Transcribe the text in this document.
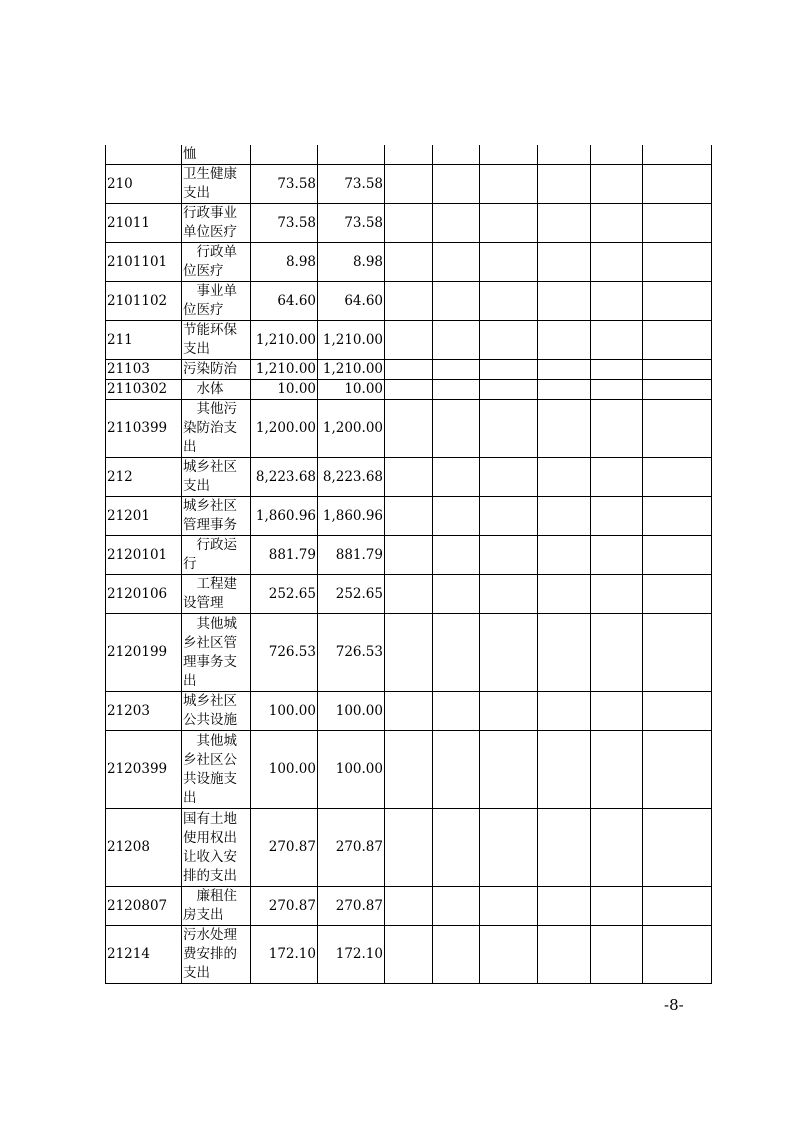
	恤								

210	卫生健康支出	73.58	73.58						
21011	行政事业单位医疗	73.58	73.58						
2101101	　行政单位医疗	8.98	8.98						
2101102	　事业单位医疗	64.60	64.60						
211	节能环保支出	1,210.00	1,210.00						
21103	污染防治	1,210.00	1,210.00						
2110302	　水体	10.00	10.00						
2110399	　其他污染防治支出	1,200.00	1,200.00						
212	城乡社区支出	8,223.68	8,223.68						
21201	城乡社区管理事务	1,860.96	1,860.96						
2120101	　行政运行	881.79	881.79						
2120106	　工程建设管理	252.65	252.65						
2120199	　其他城乡社区管理事务支出	726.53	726.53						
21203	城乡社区公共设施	100.00	100.00						
2120399	　其他城乡社区公共设施支出	100.00	100.00						
21208	国有土地使用权出让收入安排的支出	270.87	270.87						
2120807	　廉租住房支出	270.87	270.87						
21214	污水处理费安排的支出	172.10	172.10						
-8-
